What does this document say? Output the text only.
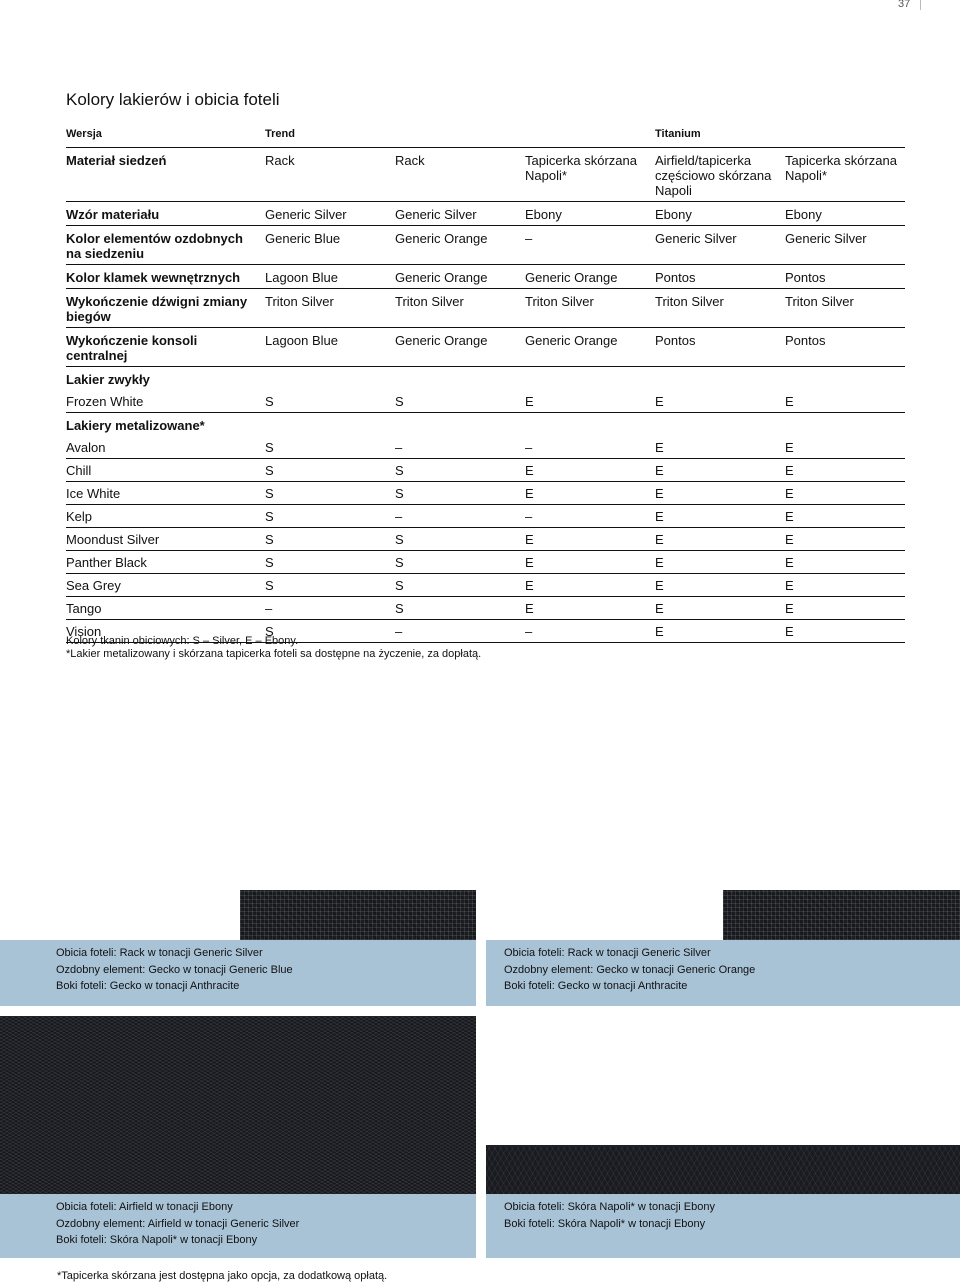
37
Kolory lakierów i obicia foteli
Wersja	Trend			Titanium	
Materiał siedzeń	Rack	Rack	Tapicerka skórzana Napoli*	Airfield/tapicerka częściowo skórzana Napoli	Tapicerka skórzana Napoli*
Wzór materiału	Generic Silver	Generic Silver	Ebony	Ebony	Ebony
Kolor elementów ozdobnych na siedzeniu	Generic Blue	Generic Orange	–	Generic Silver	Generic Silver
Kolor klamek wewnętrznych	Lagoon Blue	Generic Orange	Generic Orange	Pontos	Pontos
Wykończenie dźwigni zmiany biegów	Triton Silver	Triton Silver	Triton Silver	Triton Silver	Triton Silver
Wykończenie konsoli centralnej	Lagoon Blue	Generic Orange	Generic Orange	Pontos	Pontos
Lakier zwykły					
Frozen White	S	S	E	E	E
Lakiery metalizowane*					
Avalon	S	–	–	E	E
Chill	S	S	E	E	E
Ice White	S	S	E	E	E
Kelp	S	–	–	E	E
Moondust Silver	S	S	E	E	E
Panther Black	S	S	E	E	E
Sea Grey	S	S	E	E	E
Tango	–	S	E	E	E
Vision	S	–	–	E	E
Kolory tkanin obiciowych: S – Silver, E – Ebony.
*Lakier metalizowany i skórzana tapicerka foteli sa dostępne na życzenie, za dopłatą.
Obicia foteli: Rack w tonacji Generic Silver
Ozdobny element: Gecko w tonacji Generic Blue
Boki foteli: Gecko w tonacji Anthracite
Obicia foteli: Rack w tonacji Generic Silver
Ozdobny element: Gecko w tonacji Generic Orange
Boki foteli: Gecko w tonacji Anthracite
Obicia foteli: Airfield w tonacji Ebony
Ozdobny element: Airfield w tonacji Generic Silver
Boki foteli: Skóra Napoli* w tonacji Ebony
Obicia foteli: Skóra Napoli* w tonacji Ebony
Boki foteli: Skóra Napoli* w tonacji Ebony
*Tapicerka skórzana jest dostępna jako opcja, za dodatkową opłatą.
